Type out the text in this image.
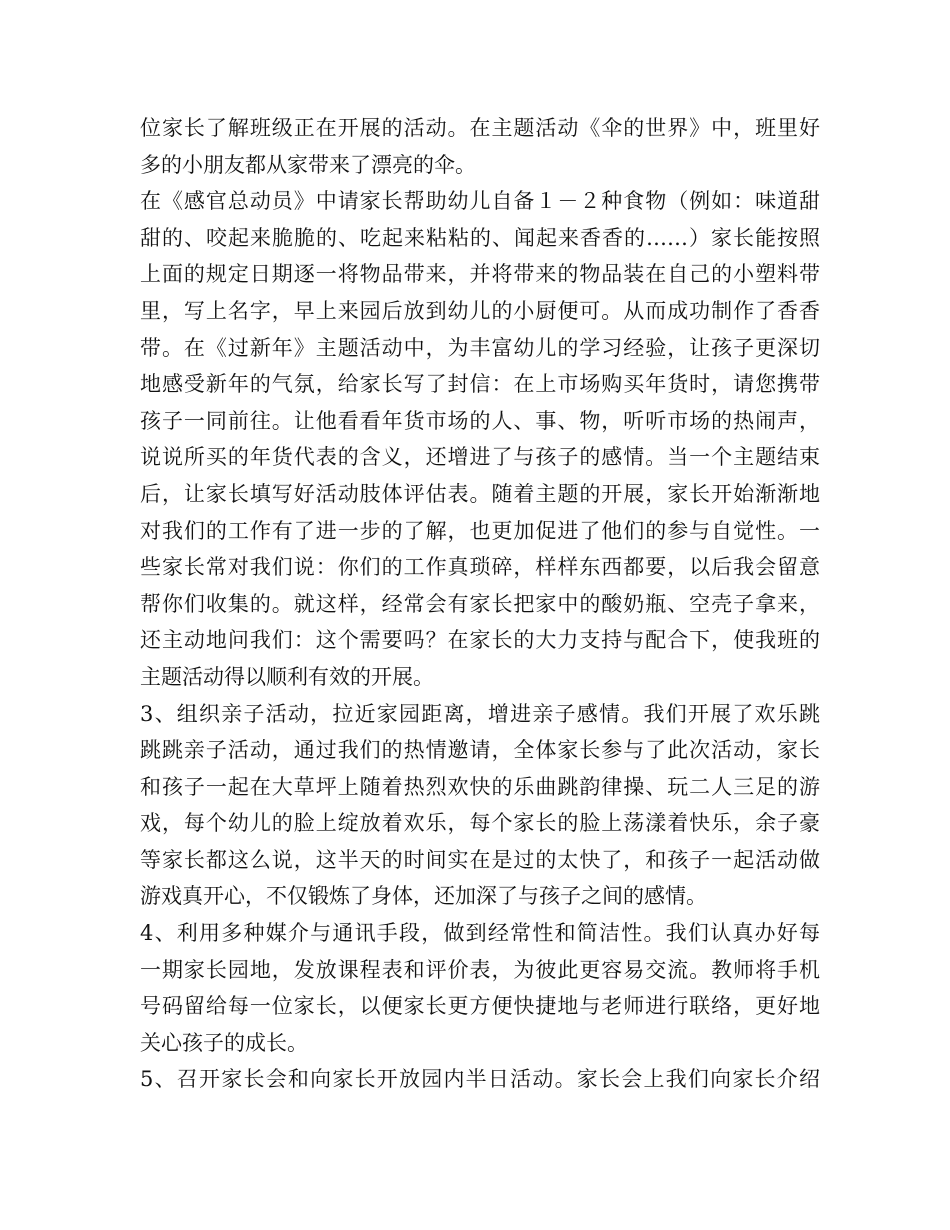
位家长了解班级正在开展的活动。在主题活动《伞的世界》中，班里好
多的小朋友都从家带来了漂亮的伞。
在《感官总动员》中请家长帮助幼儿自备１－２种食物（例如：味道甜
甜的、咬起来脆脆的、吃起来粘粘的、闻起来香香的……）家长能按照
上面的规定日期逐一将物品带来，并将带来的物品装在自己的小塑料带
里，写上名字，早上来园后放到幼儿的小厨便可。从而成功制作了香香
带。在《过新年》主题活动中，为丰富幼儿的学习经验，让孩子更深切
地感受新年的气氛，给家长写了封信：在上市场购买年货时，请您携带
孩子一同前往。让他看看年货市场的人、事、物，听听市场的热闹声，
说说所买的年货代表的含义，还增进了与孩子的感情。当一个主题结束
后，让家长填写好活动肢体评估表。随着主题的开展，家长开始渐渐地
对我们的工作有了进一步的了解，也更加促进了他们的参与自觉性。一
些家长常对我们说：你们的工作真琐碎，样样东西都要，以后我会留意
帮你们收集的。就这样，经常会有家长把家中的酸奶瓶、空壳子拿来，
还主动地问我们：这个需要吗？在家长的大力支持与配合下，使我班的
主题活动得以顺利有效的开展。
3、组织亲子活动，拉近家园距离，增进亲子感情。我们开展了欢乐跳
跳跳亲子活动，通过我们的热情邀请，全体家长参与了此次活动，家长
和孩子一起在大草坪上随着热烈欢快的乐曲跳韵律操、玩二人三足的游
戏，每个幼儿的脸上绽放着欢乐，每个家长的脸上荡漾着快乐，余子豪
等家长都这么说，这半天的时间实在是过的太快了，和孩子一起活动做
游戏真开心，不仅锻炼了身体，还加深了与孩子之间的感情。
4、利用多种媒介与通讯手段，做到经常性和简洁性。我们认真办好每
一期家长园地，发放课程表和评价表，为彼此更容易交流。教师将手机
号码留给每一位家长，以便家长更方便快捷地与老师进行联络，更好地
关心孩子的成长。
5、召开家长会和向家长开放园内半日活动。家长会上我们向家长介绍
